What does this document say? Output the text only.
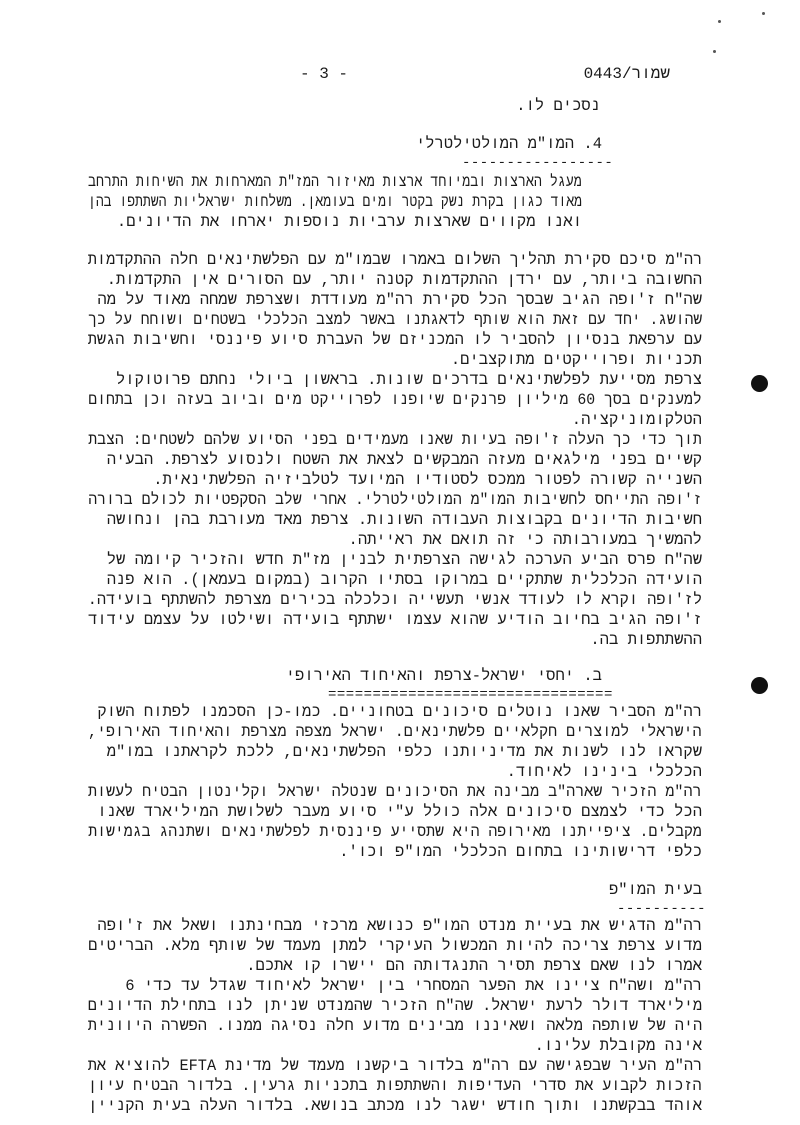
- 3 -	שמור/0443
נסכים לו.
4. המו"מ המולטילטרלי
-----------------
מעגל הארצות ובמיוחד ארצות מאיזור המז"ת המארחות את השיחות התרחב
מאוד כגון בקרת נשק בקטר ומים בעומאן. משלחות ישראליות השתתפו בהן
ואנו מקווים שארצות ערביות נוספות יארחו את הדיונים.
רה"מ סיכם סקירת תהליך השלום באמרו שבמו"מ עם הפלשתינאים חלה ההתקדמות
החשובה ביותר, עם ירדן ההתקדמות קטנה יותר, עם הסורים אין התקדמות.
שה"ח ז'ופה הגיב שבסך הכל סקירת רה"מ מעודדת ושצרפת שמחה מאוד על מה
שהושג. יחד עם זאת הוא שותף לדאגתנו באשר למצב הכלכלי בשטחים ושוחח על כך
עם ערפאת בנסיון להסביר לו המכניזם של העברת סיוע פיננסי וחשיבות הגשת
תכניות ופרוייקטים מתוקצבים.
צרפת מסייעת לפלשתינאים בדרכים שונות. בראשון ביולי נחתם פרוטוקול
למענקים בסך 60 מיליון פרנקים שיופנו לפרוייקט מים וביוב בעזה וכן בתחום
הטלקומוניקציה.
תוך כדי כך העלה ז'ופה בעיות שאנו מעמידים בפני הסיוע שלהם לשטחים: הצבת
קשיים בפני מילגאים מעזה המבקשים לצאת את השטח ולנסוע לצרפת. הבעיה
השנייה קשורה לפטור ממכס לסטודיו המיועד לטלביזיה הפלשתינאית.
ז'ופה התייחס לחשיבות המו"מ המולטילטרלי. אחרי שלב הסקפטיות לכולם ברורה
חשיבות הדיונים בקבוצות העבודה השונות. צרפת מאד מעורבת בהן ונחושה
להמשיך במעורבותה כי זה תואם את ראייתה.
שה"ח פרס הביע הערכה לגישה הצרפתית לבנין מז"ת חדש והזכיר קיומה של
הועידה הכלכלית שתתקיים במרוקו בסתיו הקרוב (במקום בעמאן). הוא פנה
לז'ופה וקרא לו לעודד אנשי תעשייה וכלכלה בכירים מצרפת להשתתף בועידה.
ז'ופה הגיב בחיוב הודיע שהוא עצמו ישתתף בועידה ושילטו על עצמם עידוד
ההשתתפות בה.
ב. יחסי ישראל-צרפת והאיחוד האירופי
================================
רה"מ הסביר שאנו נוטלים סיכונים בטחוניים. כמו-כן הסכמנו לפתוח השוק
הישראלי למוצרים חקלאיים פלשתינאים. ישראל מצפה מצרפת והאיחוד האירופי,
שקראו לנו לשנות את מדיניותנו כלפי הפלשתינאים, ללכת לקראתנו במו"מ
הכלכלי בינינו לאיחוד.
רה"מ הזכיר שארה"ב מבינה את הסיכונים שנטלה ישראל וקלינטון הבטיח לעשות
הכל כדי לצמצם סיכונים אלה כולל ע"י סיוע מעבר לשלושת המיליארד שאנו
מקבלים. ציפייתנו מאירופה היא שתסייע פיננסית לפלשתינאים ושתנהג בגמישות
כלפי דרישותינו בתחום הכלכלי המו"פ וכו'.
בעית המו"פ
----------
רה"מ הדגיש את בעיית מנדט המו"פ כנושא מרכזי מבחינתנו ושאל את ז'ופה
מדוע צרפת צריכה להיות המכשול העיקרי למתן מעמד של שותף מלא. הבריטים
אמרו לנו שאם צרפת תסיר התנגדותה הם יישרו קו אתכם.
רה"מ ושה"ח ציינו את הפער המסחרי בין ישראל לאיחוד שגדל עד כדי 6
מיליארד דולר לרעת ישראל. שה"ח הזכיר שהמנדט שניתן לנו בתחילת הדיונים
היה של שותפה מלאה ושאיננו מבינים מדוע חלה נסיגה ממנו. הפשרה היוונית
אינה מקובלת עלינו.
רה"מ העיר שבפגישה עם רה"מ בלדור ביקשנו מעמד של מדינת EFTA להוציא את
הזכות לקבוע את סדרי העדיפות והשתתפות בתכניות גרעין. בלדור הבטיח עיון
אוהד בבקשתנו ותוך חודש ישגר לנו מכתב בנושא. בלדור העלה בעית הקניין
